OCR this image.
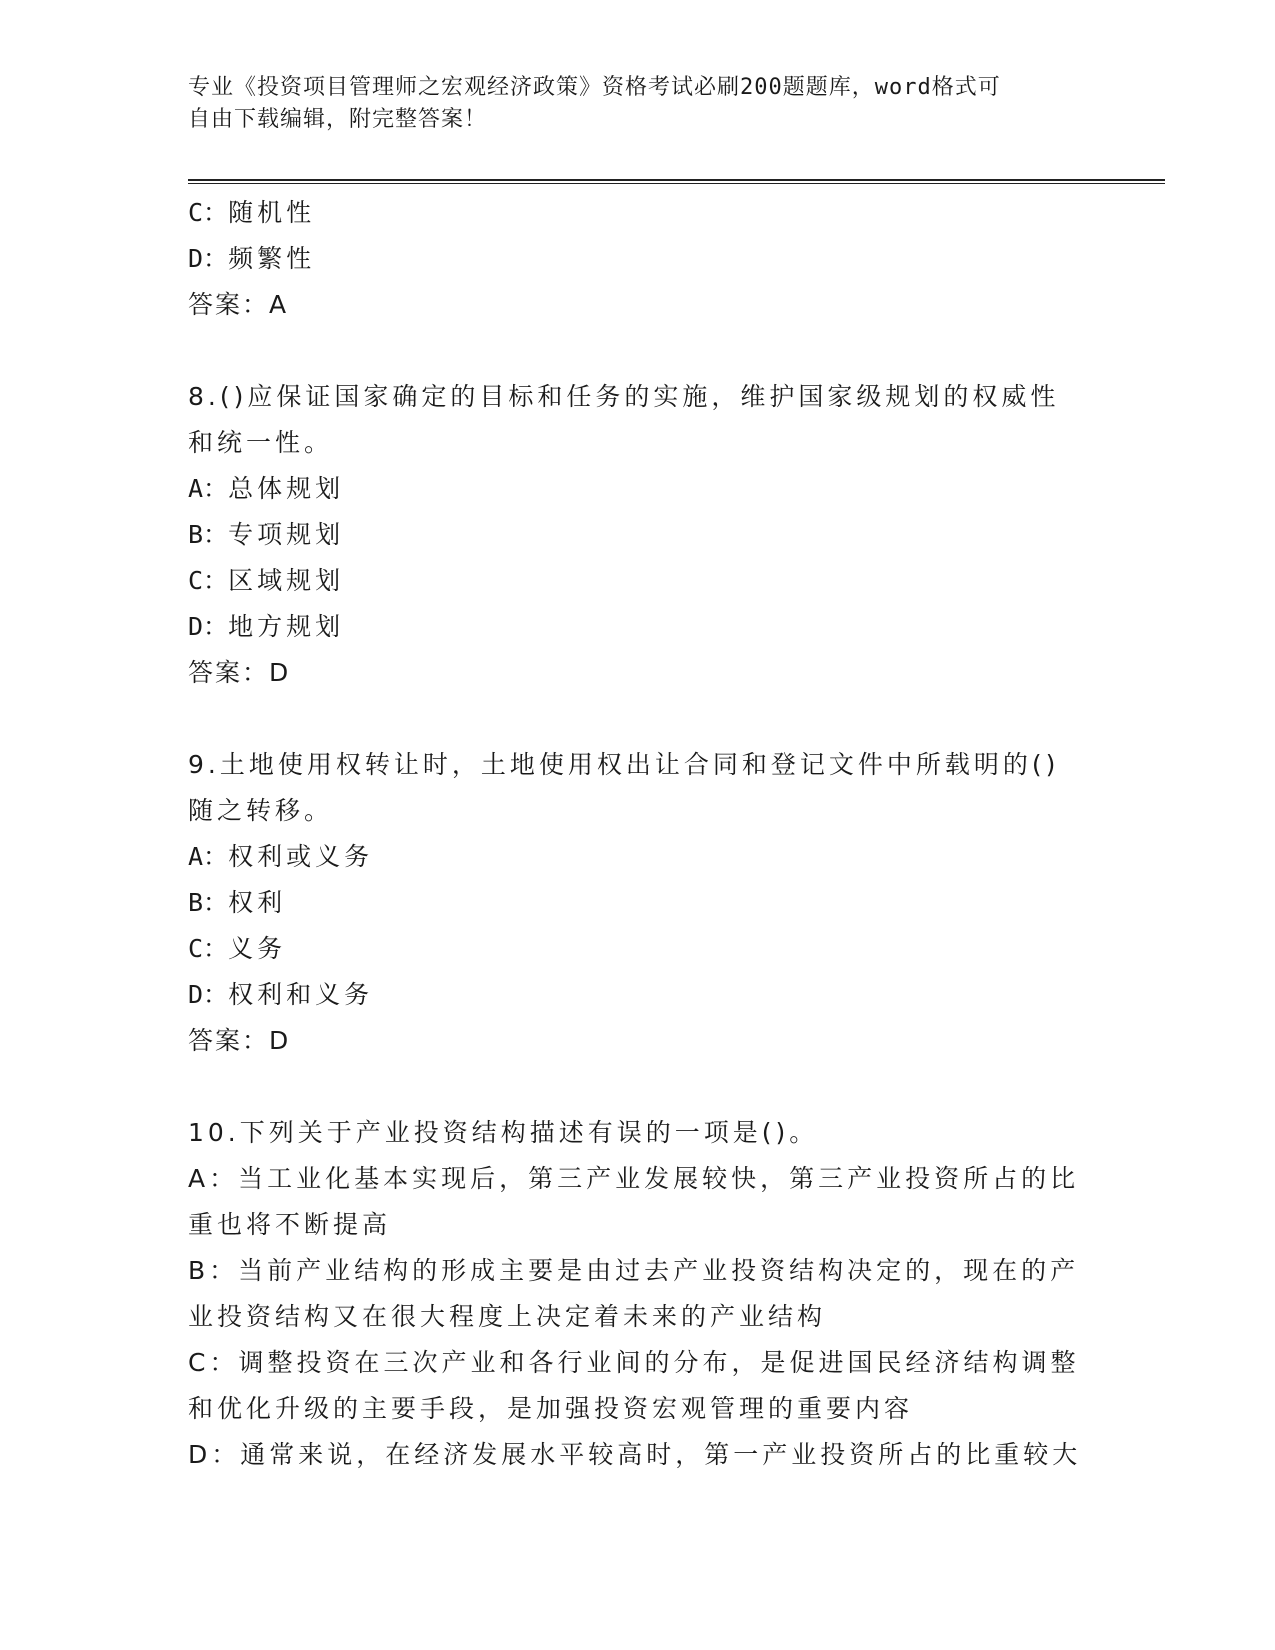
专业《投资项目管理师之宏观经济政策》资格考试必刷200题题库，word格式可
自由下载编辑，附完整答案！
C：随机性
D：频繁性
答案：A
8.()应保证国家确定的目标和任务的实施，维护国家级规划的权威性
和统一性。
A：总体规划
B：专项规划
C：区域规划
D：地方规划
答案：D
9.土地使用权转让时，土地使用权出让合同和登记文件中所载明的()
随之转移。
A：权利或义务
B：权利
C：义务
D：权利和义务
答案：D
10.下列关于产业投资结构描述有误的一项是()。
A：当工业化基本实现后，第三产业发展较快，第三产业投资所占的比
重也将不断提高
B：当前产业结构的形成主要是由过去产业投资结构决定的，现在的产
业投资结构又在很大程度上决定着未来的产业结构
C：调整投资在三次产业和各行业间的分布，是促进国民经济结构调整
和优化升级的主要手段，是加强投资宏观管理的重要内容
D：通常来说，在经济发展水平较高时，第一产业投资所占的比重较大
